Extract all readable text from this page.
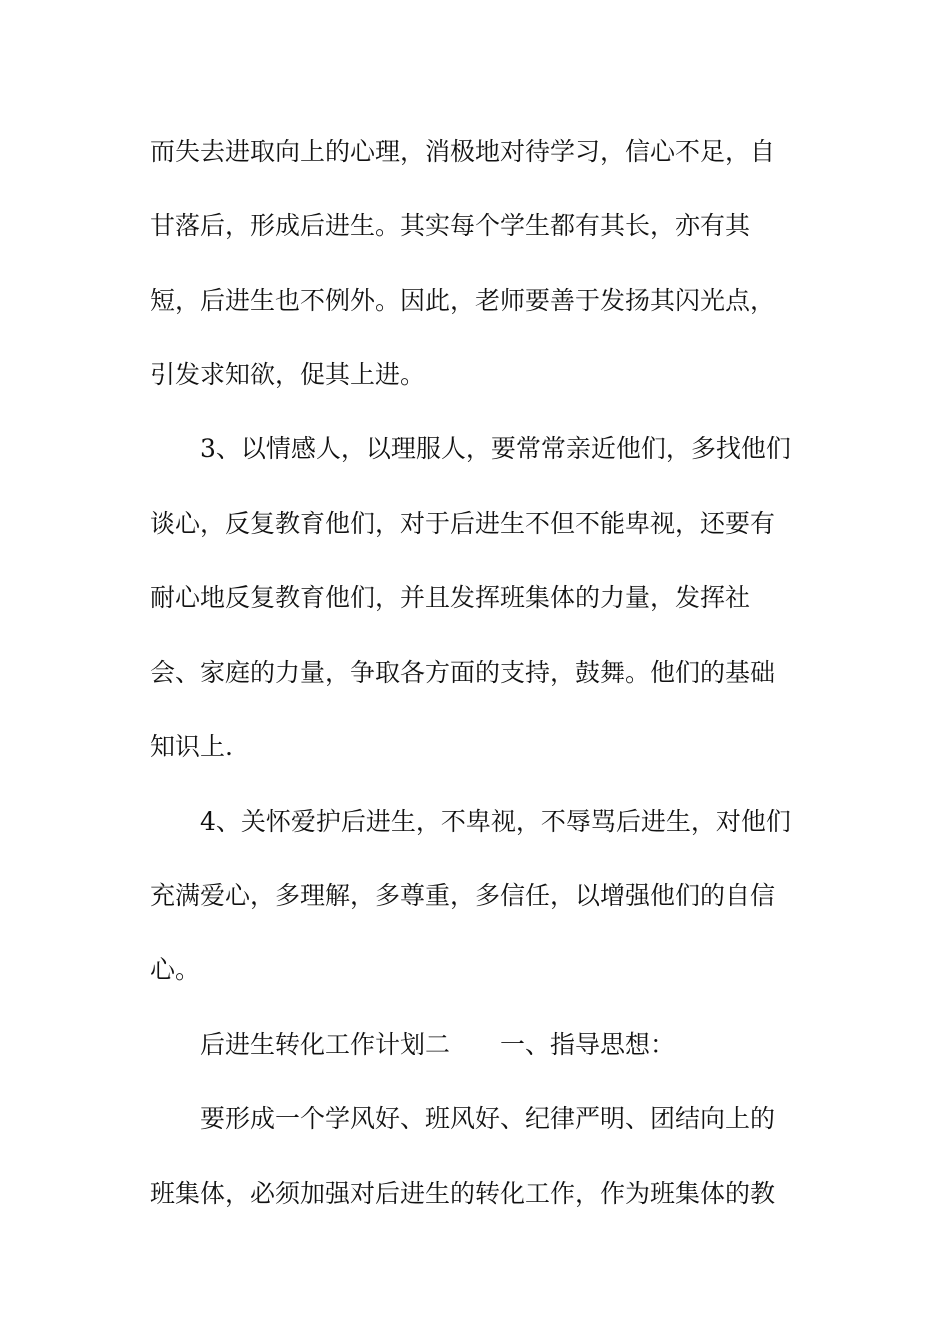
而失去进取向上的心理，消极地对待学习，信心不足，自
甘落后，形成后进生。其实每个学生都有其长，亦有其
短，后进生也不例外。因此，老师要善于发扬其闪光点，
引发求知欲，促其上进。
3、以情感人，以理服人，要常常亲近他们，多找他们
谈心，反复教育他们，对于后进生不但不能卑视，还要有
耐心地反复教育他们，并且发挥班集体的力量，发挥社
会、家庭的力量，争取各方面的支持，鼓舞。他们的基础
知识上.
4、关怀爱护后进生，不卑视，不辱骂后进生，对他们
充满爱心，多理解，多尊重，多信任，以增强他们的自信
心。
后进生转化工作计划二　　一、指导思想：
要形成一个学风好、班风好、纪律严明、团结向上的
班集体，必须加强对后进生的转化工作，作为班集体的教
